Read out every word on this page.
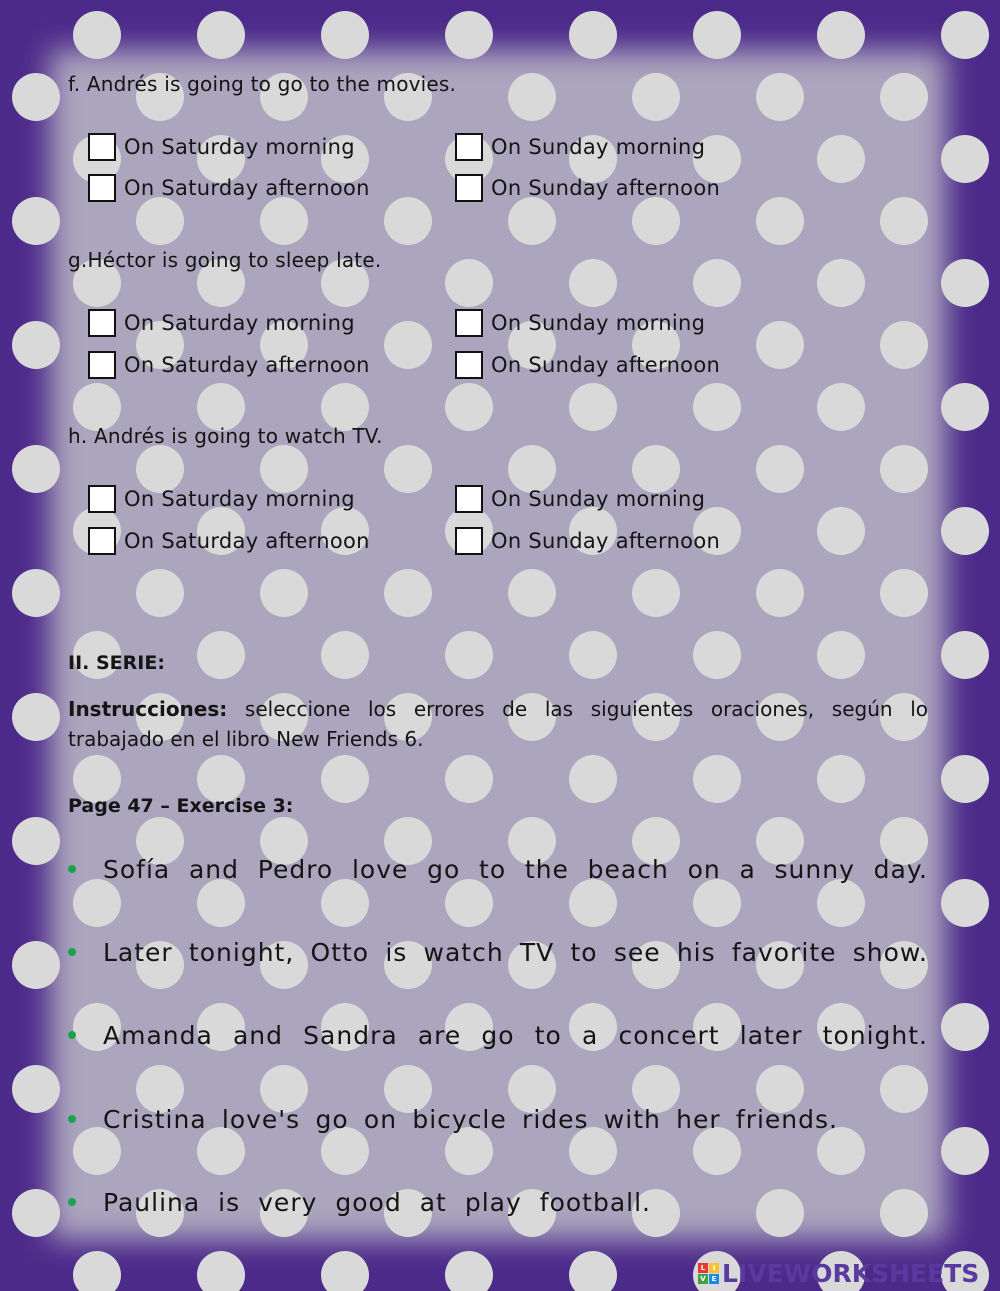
f. Andrés is going to go to the movies.
On Saturday morning	On Sunday morning
On Saturday afternoon	On Sunday afternoon
g.Héctor is going to sleep late.
On Saturday morning	On Sunday morning
On Saturday afternoon	On Sunday afternoon
h. Andrés is going to watch TV.
On Saturday morning	On Sunday morning
On Saturday afternoon	On Sunday afternoon
II. SERIE:
Instrucciones: seleccione los errores de las siguientes oraciones, según lo trabajado en el libro New Friends 6.
Page 47 – Exercise 3:
Sofía and Pedro love go to the beach on a sunny day.
Later tonight, Otto is watch TV to see his favorite show.
Amanda and Sandra are go to a concert later tonight.
Cristina love's go on bicycle rides with her friends.
Paulina is very good at play football.
L	I
V E LIVEWORKSHEETS
